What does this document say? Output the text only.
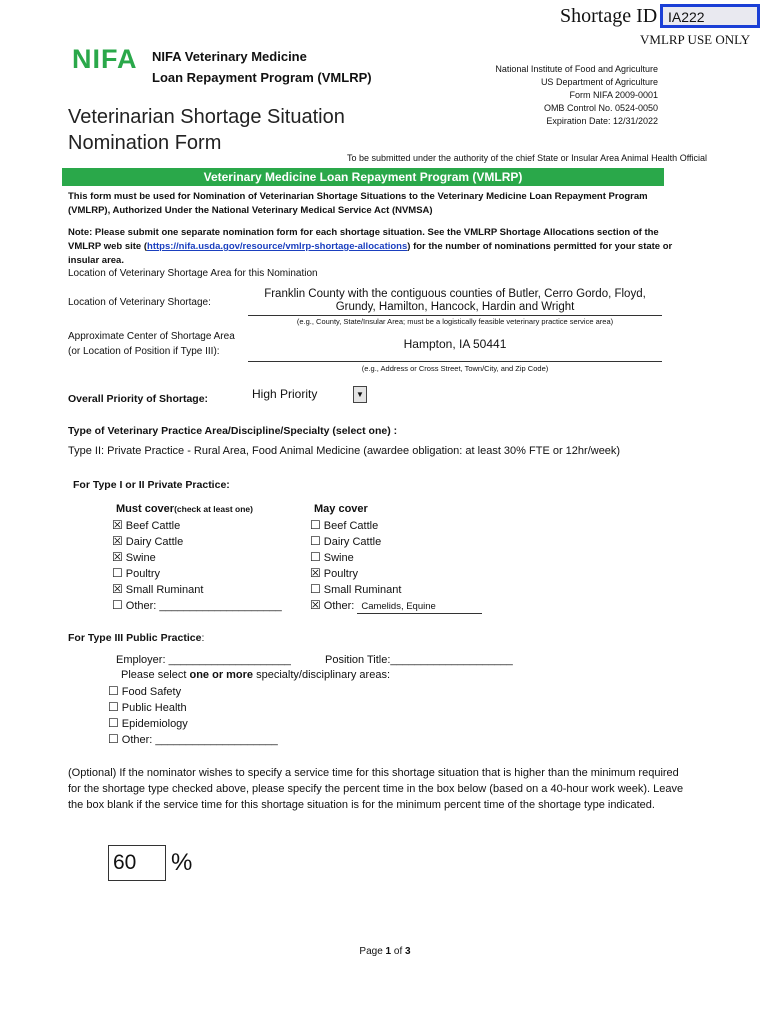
Shortage ID IA222
VMLRP USE ONLY
NIFA NIFA Veterinary Medicine
Loan Repayment Program (VMLRP)
National Institute of Food and Agriculture
US Department of Agriculture
Form NIFA 2009-0001
OMB Control No. 0524-0050
Expiration Date: 12/31/2022
Veterinarian Shortage Situation
Nomination Form
To be submitted under the authority of the chief State or Insular Area Animal Health Official
Veterinary Medicine Loan Repayment Program (VMLRP)
This form must be used for Nomination of Veterinarian Shortage Situations to the Veterinary Medicine Loan Repayment Program (VMLRP), Authorized Under the National Veterinary Medical Service Act (NVMSA)
Note: Please submit one separate nomination form for each shortage situation. See the VMLRP Shortage Allocations section of the VMLRP web site (https://nifa.usda.gov/resource/vmlrp-shortage-allocations) for the number of nominations permitted for your state or insular area.
Location of Veterinary Shortage Area for this Nomination
Location of Veterinary Shortage:
Franklin County with the contiguous counties of Butler, Cerro Gordo, Floyd,
Grundy, Hamilton, Hancock, Hardin and Wright
(e.g., County, State/Insular Area; must be a logistically feasible veterinary practice service area)
Approximate Center of Shortage Area
(or Location of Position if Type III):
Hampton, IA 50441
(e.g., Address or Cross Street, Town/City, and Zip Code)
Overall Priority of Shortage:	High Priority	▼
Type of Veterinary Practice Area/Discipline/Specialty (select one) :
Type II: Private Practice - Rural Area, Food Animal Medicine (awardee obligation: at least 30% FTE or 12hr/week)
For Type I or II Private Practice:
Must cover(check at least one)
☒ Beef Cattle
☒ Dairy Cattle
☒ Swine
☐ Poultry
☒ Small Ruminant
☐ Other: ____________________
May cover
☐ Beef Cattle
☐ Dairy Cattle
☐ Swine
☒ Poultry
☐ Small Ruminant
☒ Other: Camelids, Equine
For Type III Public Practice:
Employer: ____________________	Position Title:____________________
Please select one or more specialty/disciplinary areas:
☐ Food Safety
☐ Public Health
☐ Epidemiology
☐ Other: ____________________
(Optional) If the nominator wishes to specify a service time for this shortage situation that is higher than the minimum required for the shortage type checked above, please specify the percent time in the box below (based on a 40-hour work week). Leave the box blank if the service time for this shortage situation is for the minimum percent time of the shortage type indicated.
60	%
Page 1 of 3
